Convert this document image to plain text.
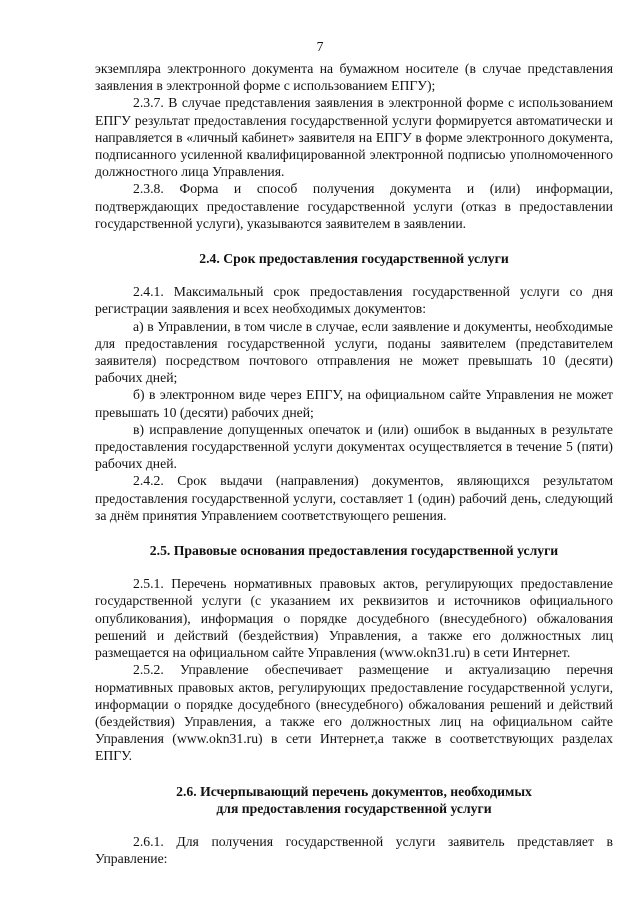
7

экземпляра электронного документа на бумажном носителе (в случае представления заявления в электронной форме с использованием ЕПГУ);

2.3.7. В случае представления заявления в электронной форме с использованием ЕПГУ результат предоставления государственной услуги формируется автоматически и направляется в «личный кабинет» заявителя на ЕПГУ в форме электронного документа, подписанного усиленной квалифицированной электронной подписью уполномоченного должностного лица Управления.

2.3.8. Форма и способ получения документа и (или) информации, подтверждающих предоставление государственной услуги (отказ в предоставлении государственной услуги), указываются заявителем в заявлении.

2.4. Срок предоставления государственной услуги

2.4.1. Максимальный срок предоставления государственной услуги со дня регистрации заявления и всех необходимых документов:

а) в Управлении, в том числе в случае, если заявление и документы, необходимые для предоставления государственной услуги, поданы заявителем (представителем заявителя) посредством почтового отправления не может превышать 10 (десяти) рабочих дней;

б) в электронном виде через ЕПГУ, на официальном сайте Управления не может превышать 10 (десяти) рабочих дней;

в) исправление допущенных опечаток и (или) ошибок в выданных в результате предоставления государственной услуги документах осуществляется в течение 5 (пяти) рабочих дней.

2.4.2. Срок выдачи (направления) документов, являющихся результатом предоставления государственной услуги, составляет 1 (один) рабочий день, следующий за днём принятия Управлением соответствующего решения.

2.5. Правовые основания предоставления государственной услуги

2.5.1. Перечень нормативных правовых актов, регулирующих предоставление государственной услуги (с указанием их реквизитов и источников официального опубликования), информация о порядке досудебного (внесудебного) обжалования решений и действий (бездействия) Управления, а также его должностных лиц размещается на официальном сайте Управления (www.okn31.ru) в сети Интернет.

2.5.2. Управление обеспечивает размещение и актуализацию перечня нормативных правовых актов, регулирующих предоставление государственной услуги, информации о порядке досудебного (внесудебного) обжалования решений и действий (бездействия) Управления, а также его должностных лиц на официальном сайте Управления (www.okn31.ru) в сети Интернет,а также в соответствующих разделах ЕПГУ.

2.6. Исчерпывающий перечень документов, необходимых
для предоставления государственной услуги

2.6.1. Для получения государственной услуги заявитель представляет в Управление:
